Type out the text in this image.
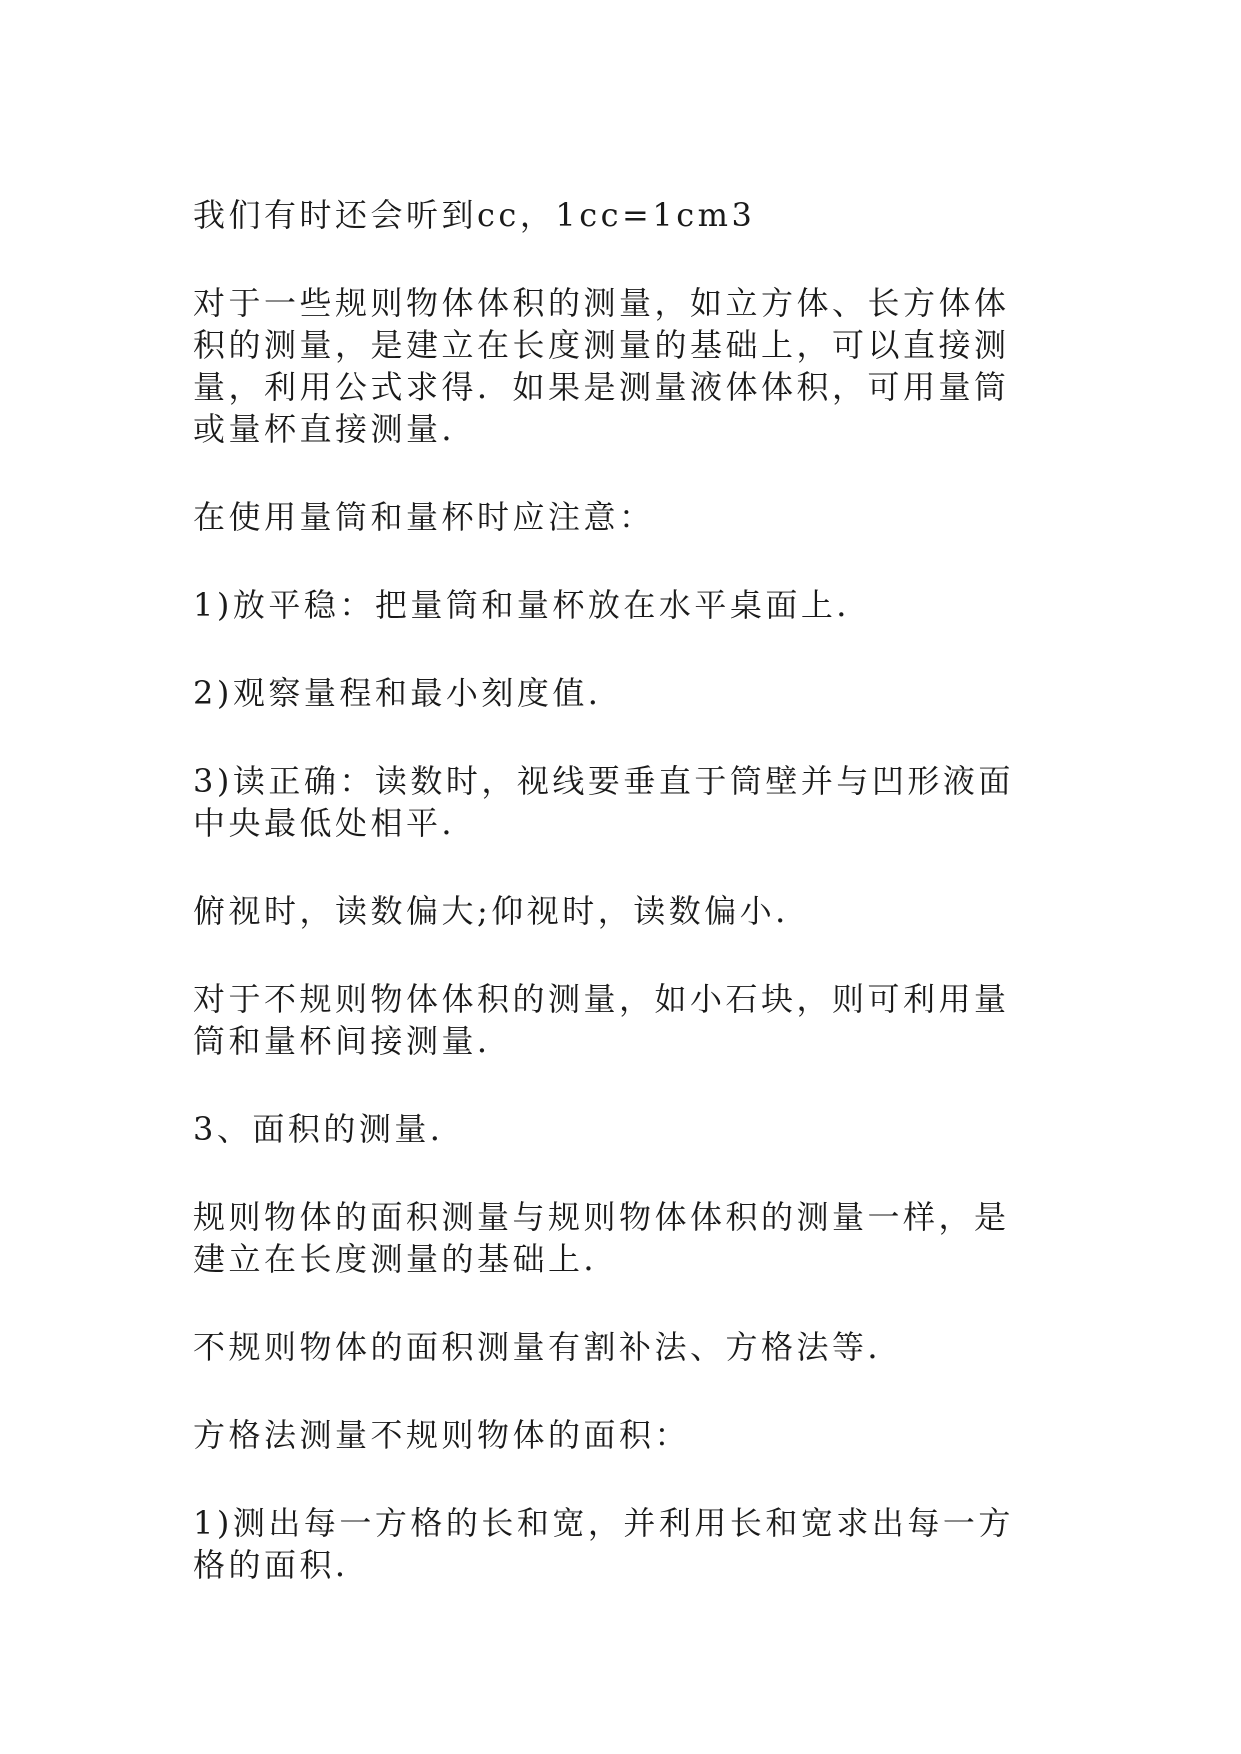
我们有时还会听到cc，1cc=1cm3

对于一些规则物体体积的测量，如立方体、长方体体积的测量，是建立在长度测量的基础上，可以直接测量，利用公式求得．如果是测量液体体积，可用量筒或量杯直接测量．

在使用量筒和量杯时应注意：

1)放平稳：把量筒和量杯放在水平桌面上．

2)观察量程和最小刻度值．

3)读正确：读数时，视线要垂直于筒壁并与凹形液面中央最低处相平．

俯视时，读数偏大;仰视时，读数偏小．

对于不规则物体体积的测量，如小石块，则可利用量筒和量杯间接测量．

3、面积的测量．

规则物体的面积测量与规则物体体积的测量一样，是建立在长度测量的基础上．

不规则物体的面积测量有割补法、方格法等．

方格法测量不规则物体的面积：

1)测出每一方格的长和宽，并利用长和宽求出每一方格的面积．
